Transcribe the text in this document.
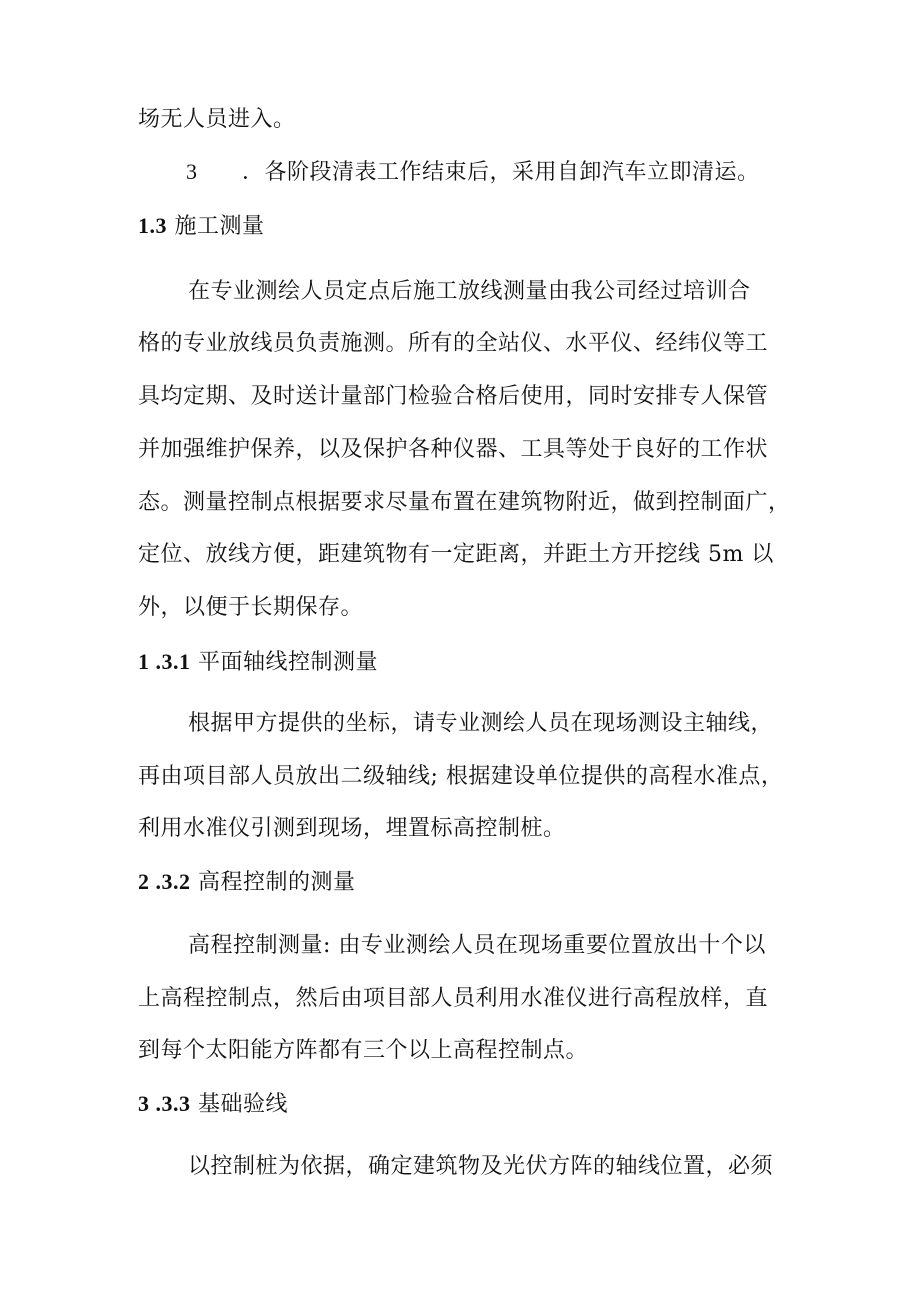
场无人员进入。
3 ．各阶段清表工作结束后，采用自卸汽车立即清运。
1.3 施工测量
在专业测绘人员定点后施工放线测量由我公司经过培训合
格的专业放线员负责施测。所有的全站仪、水平仪、经纬仪等工
具均定期、及时送计量部门检验合格后使用，同时安排专人保管
并加强维护保养，以及保护各种仪器、工具等处于良好的工作状
态。测量控制点根据要求尽量布置在建筑物附近，做到控制面广，
定位、放线方便，距建筑物有一定距离，并距土方开挖线 5m 以
外，以便于长期保存。
1 .3.1 平面轴线控制测量
根据甲方提供的坐标，请专业测绘人员在现场测设主轴线，
再由项目部人员放出二级轴线; 根据建设单位提供的高程水准点，
利用水准仪引测到现场，埋置标高控制桩。
2 .3.2 高程控制的测量
高程控制测量: 由专业测绘人员在现场重要位置放出十个以
上高程控制点，然后由项目部人员利用水准仪进行高程放样，直
到每个太阳能方阵都有三个以上高程控制点。
3 .3.3 基础验线
以控制桩为依据，确定建筑物及光伏方阵的轴线位置，必须
